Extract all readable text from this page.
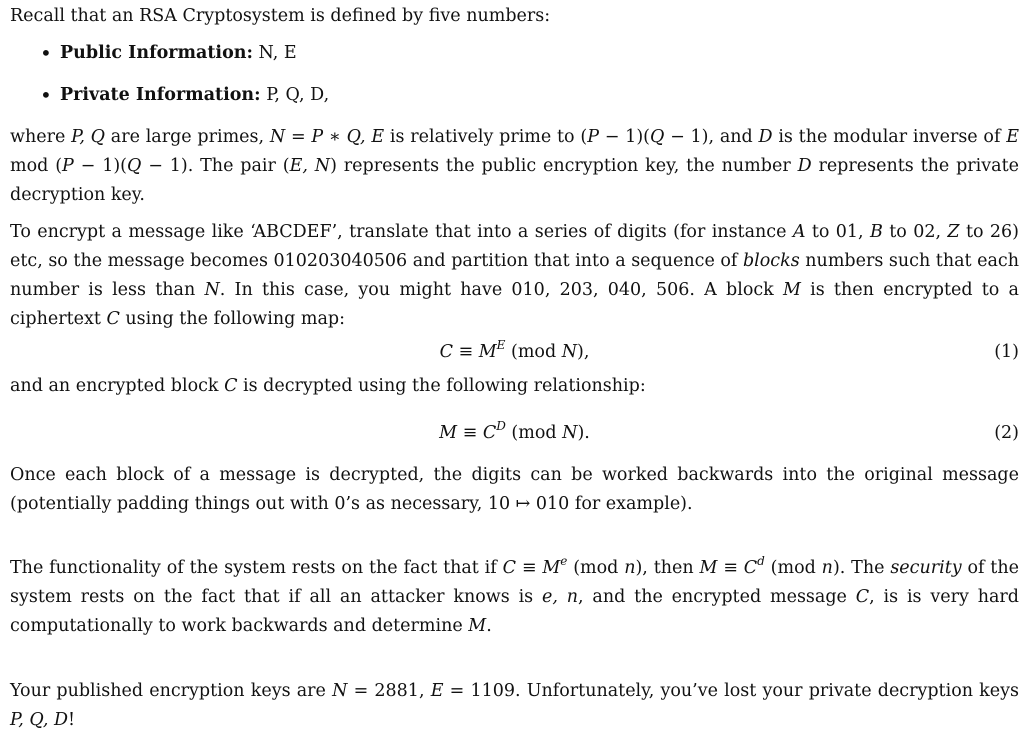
Recall that an RSA Cryptosystem is defined by five numbers:

• Public Information: N, E
• Private Information: P, Q, D,

where P, Q are large primes, N = P ∗ Q, E is relatively prime to (P − 1)(Q − 1), and D is the modular inverse of E mod (P − 1)(Q − 1). The pair (E, N) represents the public encryption key, the number D represents the private decryption key.

To encrypt a message like ‘ABCDEF’, translate that into a series of digits (for instance A to 01, B to 02, Z to 26) etc, so the message becomes 010203040506 and partition that into a sequence of blocks numbers such that each number is less than N. In this case, you might have 010, 203, 040, 506. A block M is then encrypted to a ciphertext C using the following map:

$C \equiv M^E$ (mod N),	(1)

and an encrypted block C is decrypted using the following relationship:

$M \equiv C^D$ (mod N).	(2)

Once each block of a message is decrypted, the digits can be worked backwards into the original message (potentially padding things out with 0’s as necessary, 10 ↦ 010 for example).

The functionality of the system rests on the fact that if $C \equiv M^e$ (mod n), then $M \equiv C^d$ (mod n). The security of the system rests on the fact that if all an attacker knows is e, n, and the encrypted message C, is is very hard computationally to work backwards and determine M.

Your published encryption keys are N = 2881, E = 1109. Unfortunately, you’ve lost your private decryption keys P, Q, D!
